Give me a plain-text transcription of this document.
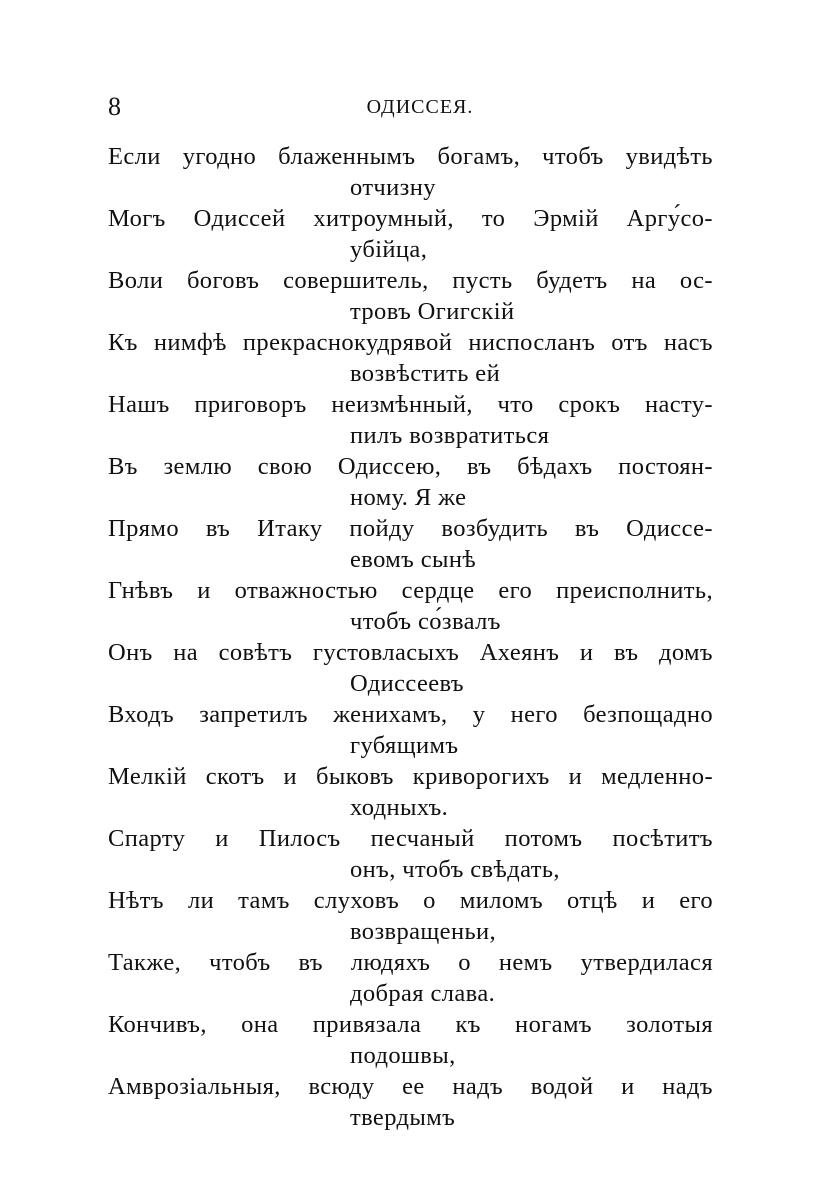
8	ОДИССЕЯ.
Если угодно блаженнымъ богамъ, чтобъ увидѣть
отчизну
Могъ Одиссей хитроумный, то Эрмій Аргу́со-
убійца,
Воли боговъ совершитель, пусть будетъ на ос-
тровъ Огигскій
Къ нимфѣ прекраснокудрявой ниспосланъ отъ насъ
возвѣстить ей
Нашъ приговоръ неизмѣнный, что срокъ насту-
пилъ возвратиться
Въ землю свою Одиссею, въ бѣдахъ постоян-
ному. Я же
Прямо въ Итаку пойду возбудить въ Одиссе-
евомъ сынѣ
Гнѣвъ и отважностью сердце его преисполнить,
чтобъ со́звалъ
Онъ на совѣтъ густовласыхъ Ахеянъ и въ домъ
Одиссеевъ
Входъ запретилъ женихамъ, у него безпощадно
губящимъ
Мелкій скотъ и быковъ криворогихъ и медленно-
ходныхъ.
Спарту и Пилосъ песчаный потомъ посѣтитъ
онъ, чтобъ свѣдать,
Нѣтъ ли тамъ слуховъ о миломъ отцѣ и его
возвращеньи,
Также, чтобъ въ людяхъ о немъ утвердилася
добрая слава.
Кончивъ, она привязала къ ногамъ золотыя
подошвы,
Амврозіальныя, всюду ее надъ водой и надъ
твердымъ
